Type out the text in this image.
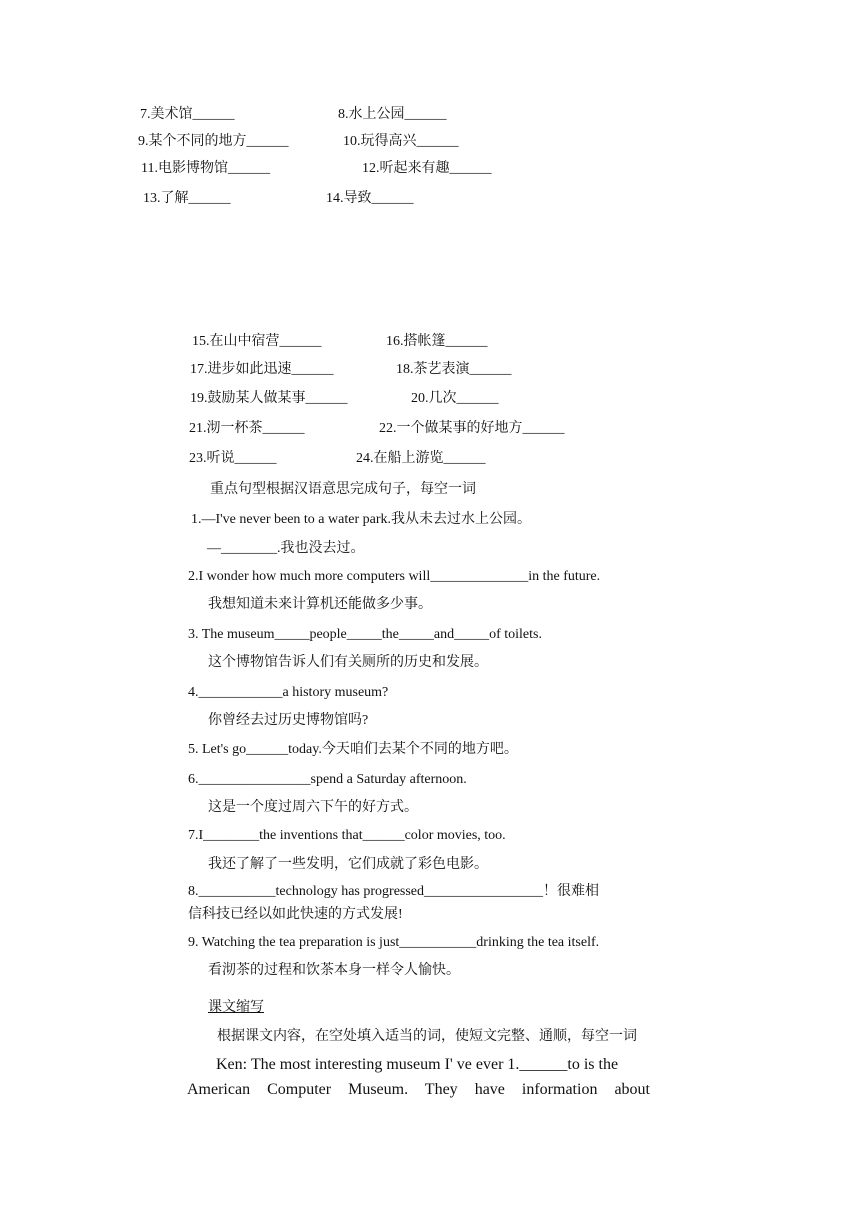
7.美术馆______	8.水上公园______
9.某个不同的地方______	10.玩得高兴______
11.电影博物馆______	12.听起来有趣______
13.了解______	14.导致______
15.在山中宿营______	16.搭帐篷______
17.进步如此迅速______	18.茶艺表演______
19.鼓励某人做某事______	20.几次______
21.沏一杯茶______	22.一个做某事的好地方______
23.听说______	24.在船上游览______
重点句型根据汉语意思完成句子，每空一词
1.—I've never been to a water park.我从未去过水上公园。
—________.我也没去过。
2.I wonder how much more computers will______________in the future.
我想知道未来计算机还能做多少事。
3. The museum_____people_____the_____and_____of toilets.
这个博物馆告诉人们有关厕所的历史和发展。
4.____________a history museum?
你曾经去过历史博物馆吗?
5. Let's go______today.今天咱们去某个不同的地方吧。
6.________________spend a Saturday afternoon.
这是一个度过周六下午的好方式。
7.I________the inventions that______color movies, too.
我还了解了一些发明，它们成就了彩色电影。
8.___________technology has progressed_________________！很难相
信科技已经以如此快速的方式发展!
9. Watching the tea preparation is just___________drinking the tea itself.
看沏茶的过程和饮茶本身一样令人愉快。
课文缩写
根据课文内容，在空处填入适当的词，使短文完整、通顺，每空一词
Ken: The most interesting museum I' ve ever 1.______to is the
American Computer Museum. They have information about
